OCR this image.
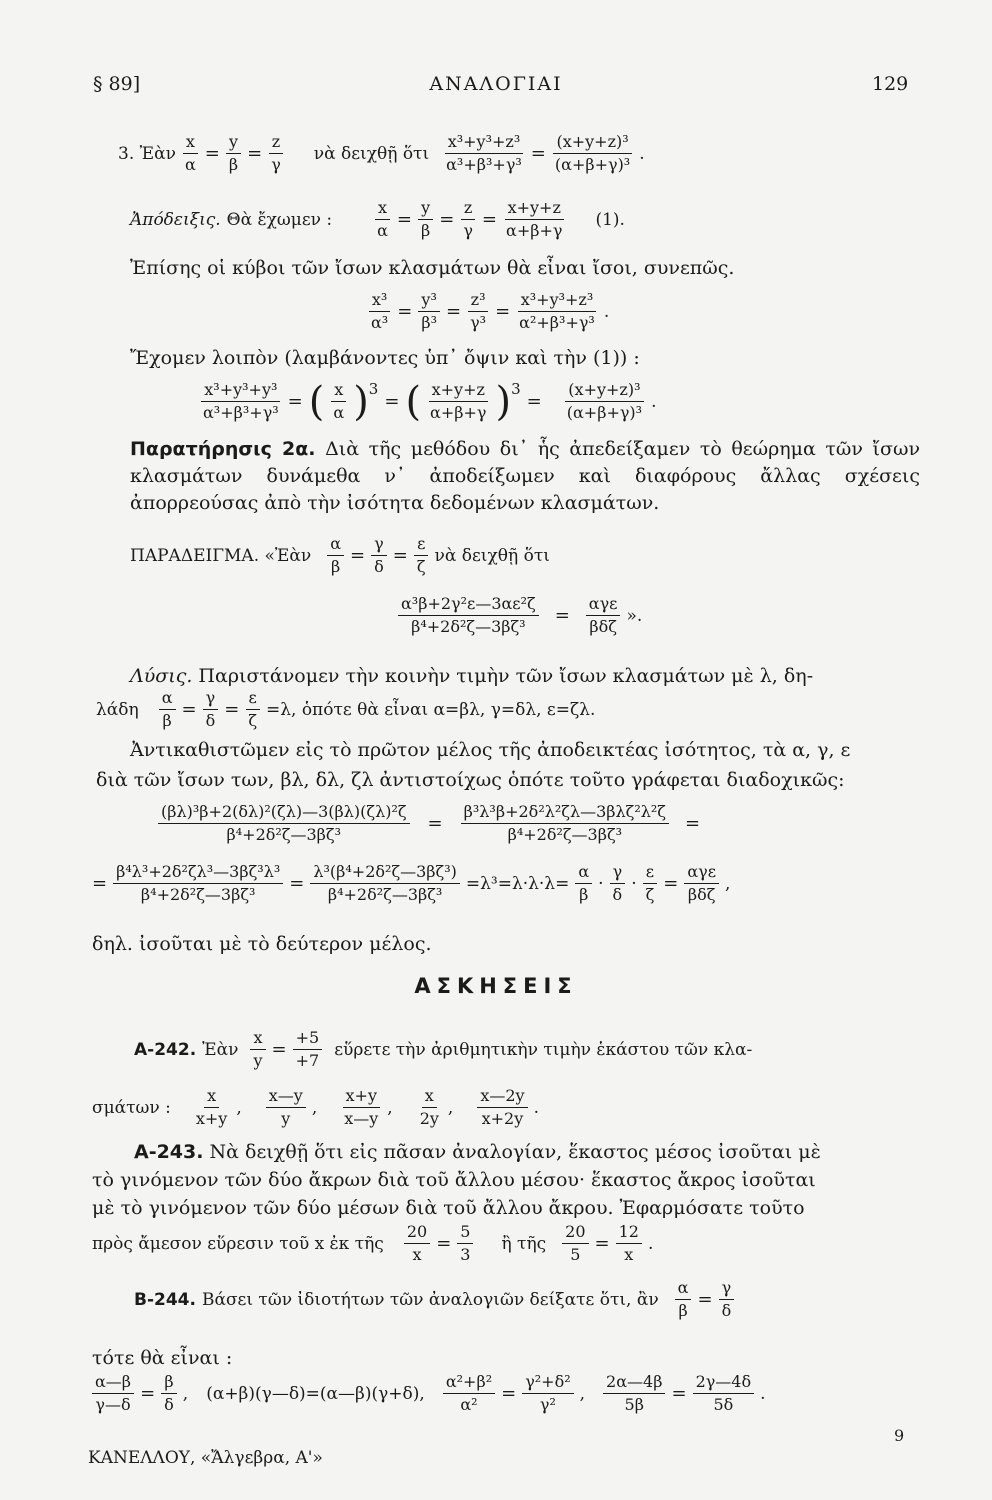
§ 89]	ΑΝΑΛΟΓΙΑΙ	129
3. Ἐὰν $\frac{x}{\alpha} = \frac{y}{\beta} = \frac{z}{\gamma}$ νὰ δειχθῇ ὅτι $\frac{\text{x³+y³+z³}}{\text{α³+β³+γ³}} = \frac{\text{(x+y+z)³}}{\text{(α+β+γ)³}}$ .
Ἀπόδειξις. Θὰ ἔχωμεν :	$\frac{x}{\alpha} = \frac{y}{\beta} = \frac{z}{\gamma} = \frac{x+y+z}{\alpha+\beta+\gamma} (1)$.
Ἐπίσης οἱ κύβοι τῶν ἴσων κλασμάτων θὰ εἶναι ἴσοι, συνεπῶς.
$\frac{\text{x³}}{\text{α³}} = \frac{\text{y³}}{\text{β³}} = \frac{\text{z³}}{\text{γ³}} = \frac{\text{x³+y³+z³}}{\text{α²+β³+γ³}}$ .
Ἔχομεν λοιπὸν (λαμβάνοντες ὑπ᾽ ὄψιν καὶ τὴν (1)) :
$\frac{\text{x³+y³+y³}}{\text{α³+β³+γ³}}$ = ( $\frac{x}{\alpha}$ ) 3
= ( $\frac{x+y+z}{\alpha+\beta+\gamma}$ ) 3
= $\frac{\text{(x+y+z)³}}{\text{(α+β+γ)³}}$ .
Παρατήρησις 2α. Διὰ τῆς μεθόδου δι᾽ ἧς ἀπεδείξαμεν τὸ θεώρημα τῶν ἴσων κλασμάτων δυνάμεθα ν᾽ ἀποδείξωμεν καὶ διαφόρους ἄλλας σχέσεις ἀπορρεούσας ἀπὸ τὴν ἰσότητα δεδομένων κλασμάτων.
ΠΑΡΑΔΕΙΓΜΑ. «Ἐὰν $\frac{\alpha}{\beta} = \frac{\gamma}{\delta} = \frac{\varepsilon}{\zeta}$ νὰ δειχθῇ ὅτι
$\frac{\text{α³β+2γ²ε—3αε²ζ}}{\text{β⁴+2δ²ζ—3βζ³}} = \frac{\text{αγε}}{\text{βδζ}}$ ».
Λύσις. Παριστάνομεν τὴν κοινὴν τιμὴν τῶν ἴσων κλασμάτων μὲ λ, δη-
λάδη $\frac{\alpha}{\beta} = \frac{\gamma}{\delta} = \frac{\varepsilon}{\zeta} =\lambda$, ὁπότε θὰ εἶναι α=βλ, γ=δλ, ε=ζλ.
Ἀντικαθιστῶμεν εἰς τὸ πρῶτον μέλος τῆς ἀποδεικτέας ἰσότητος, τὰ α, γ, ε
διὰ τῶν ἴσων των, βλ, δλ, ζλ ἀντιστοίχως ὁπότε τοῦτο γράφεται διαδοχικῶς:
$\frac{\text{(βλ)³β+2(δλ)²(ζλ)—3(βλ)(ζλ)²ζ}}{\text{β⁴+2δ²ζ—3βζ³}} = \frac{\text{β³λ³β+2δ²λ²ζλ—3βλζ²λ²ζ}}{\text{β⁴+2δ²ζ—3βζ³}}$ =
= $\frac{\text{β⁴λ³+2δ²ζλ³—3βζ³λ³}}{\text{β⁴+2δ²ζ—3βζ³}} = \frac{\text{λ³(β⁴+2δ²ζ—3βζ³)}}{\text{β⁴+2δ²ζ—3βζ³}} =\lambda^3=\lambda\cdot\lambda\cdot\lambda= \frac{\alpha}{\beta} \cdot \frac{\gamma}{\delta} \cdot \frac{\varepsilon}{\zeta} = \frac{\text{αγε}}{\text{βδζ}}$ ,
δηλ. ἰσοῦται μὲ τὸ δεύτερον μέλος.
ΑΣΚΗΣΕΙΣ
Α-242. Ἐὰν $\frac{x}{y} = \frac{+5}{+7}$ εὕρετε τὴν ἀριθμητικὴν τιμὴν ἑκάστου τῶν κλα-
σμάτων : $\frac{x}{x+y}$ , $\frac{x—y}{y}$ , $\frac{x+y}{x—y}$ , $\frac{x}{2y}$ , $\frac{x—2y}{x+2y}$ .
Α-243. Νὰ δειχθῇ ὅτι εἰς πᾶσαν ἀναλογίαν, ἕκαστος μέσος ἰσοῦται μὲ
τὸ γινόμενον τῶν δύο ἄκρων διὰ τοῦ ἄλλου μέσου· ἕκαστος ἄκρος ἰσοῦται
μὲ τὸ γινόμενον τῶν δύο μέσων διὰ τοῦ ἄλλου ἄκρου. Ἐφαρμόσατε τοῦτο
πρὸς ἄμεσον εὕρεσιν τοῦ x ἐκ τῆς $\frac{20}{x} = \frac{5}{3}$ ἢ τῆς $\frac{20}{5} = \frac{12}{x}$ .
Β-244. Βάσει τῶν ἰδιοτήτων τῶν ἀναλογιῶν δείξατε ὅτι, ἂν $\frac{\alpha}{\beta} = \frac{\gamma}{\delta}$
τότε θὰ εἶναι :
$\frac{\alpha—\beta}{\gamma—\delta} = \frac{\beta}{\delta}$ , (α+β)(γ—δ)=(α—β)(γ+δ), $\frac{\text{α²+β²}}{\text{α²}} = \frac{\text{γ²+δ²}}{\text{γ²}}$ , $\frac{2\alpha—4\beta}{5\beta} = \frac{2\gamma—4\delta}{5\delta}$ .
ΚΑΝΕΛΛΟΥ, «Ἄλγεβρα, Α'»
9
